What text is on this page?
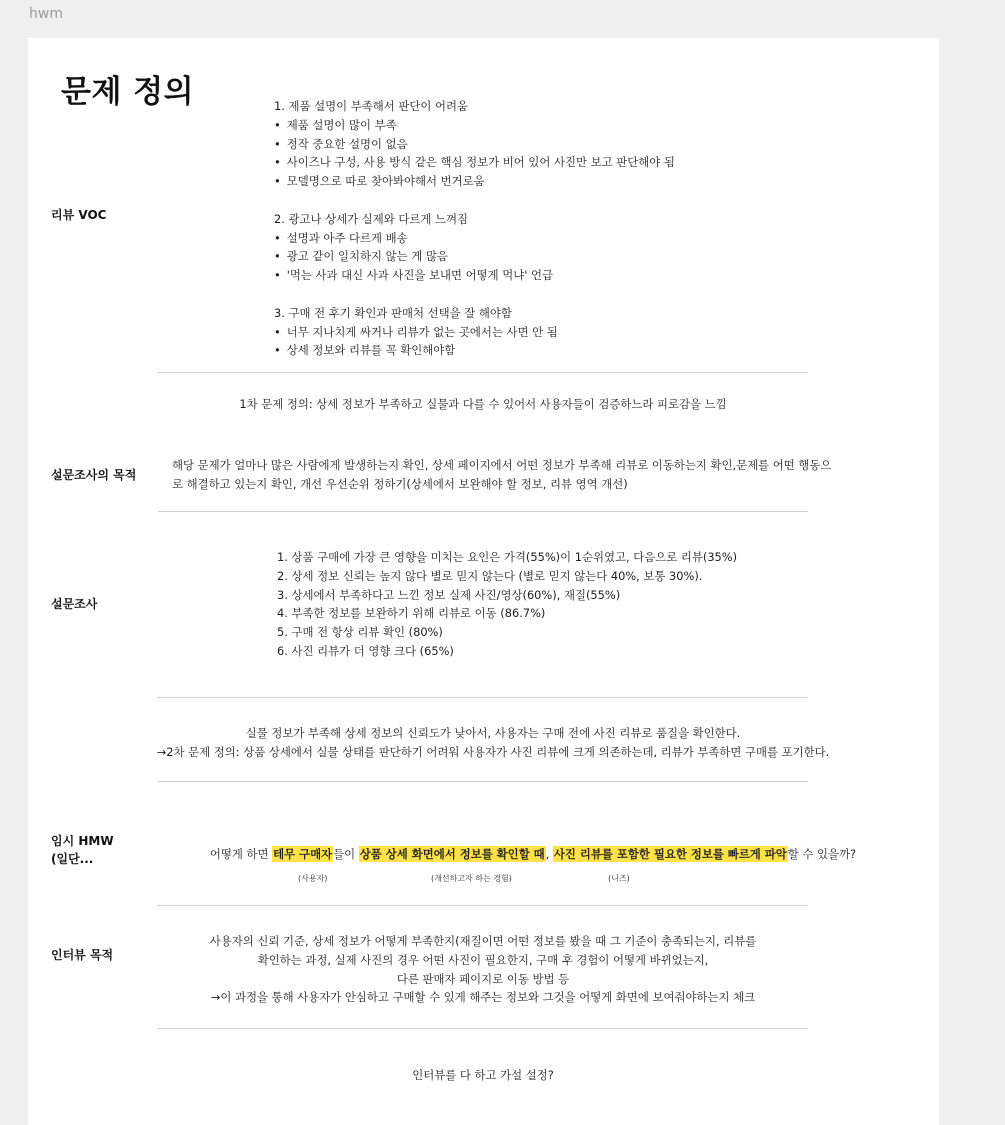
hwm
문제 정의
리뷰 VOC
1. 제품 설명이 부족해서 판단이 어려움
• 제품 설명이 많이 부족
• 정작 중요한 설명이 없음
• 사이즈나 구성, 사용 방식 같은 핵심 정보가 비어 있어 사진만 보고 판단해야 됨
• 모델명으로 따로 찾아봐야해서 번거로움
2. 광고나 상세가 실제와 다르게 느껴짐
• 설명과 아주 다르게 배송
• 광고 같이 일치하지 않는 게 많음
• '먹는 사과 대신 사과 사진을 보내면 어떻게 먹냐' 언급
3. 구매 전 후기 확인과 판매처 선택을 잘 해야함
• 너무 지나치게 싸거나 리뷰가 없는 곳에서는 사면 안 됨
• 상세 정보와 리뷰를 꼭 확인해야함
1차 문제 정의: 상세 정보가 부족하고 실물과 다를 수 있어서 사용자들이 검증하느라 피로감을 느낌
설문조사의 목적
해당 문제가 얼마나 많은 사람에게 발생하는지 확인, 상세 페이지에서 어떤 정보가 부족해 리뷰로 이동하는지 확인,문제를 어떤 행동으
로 해결하고 있는지 확인, 개선 우선순위 정하기(상세에서 보완해야 할 정보, 리뷰 영역 개선)
설문조사
1. 상품 구매에 가장 큰 영향을 미치는 요인은 가격(55%)이 1순위였고, 다음으로 리뷰(35%)
2. 상세 정보 신뢰는 높지 않다 별로 믿지 않는다 (별로 믿지 않는다 40%, 보통 30%).
3. 상세에서 부족하다고 느낀 정보 실제 사진/영상(60%), 재질(55%)
4. 부족한 정보를 보완하기 위해 리뷰로 이동 (86.7%)
5. 구매 전 항상 리뷰 확인 (80%)
6. 사진 리뷰가 더 영향 크다 (65%)
실물 정보가 부족해 상세 정보의 신뢰도가 낮아서, 사용자는 구매 전에 사진 리뷰로 품질을 확인한다.
→2차 문제 정의: 상품 상세에서 실물 상태를 판단하기 어려워 사용자가 사진 리뷰에 크게 의존하는데, 리뷰가 부족하면 구매를 포기한다.
임시 HMW
(일단...	어떻게 하면 테무 구매자들이 상품 상세 화면에서 정보를 확인할 때, 사진 리뷰를 포함한 필요한 정보를 빠르게 파악할 수 있을까?
(사용자)	(개선하고자 하는 경험)	(니즈)
인터뷰 목적
사용자의 신뢰 기준, 상세 정보가 어떻게 부족한지(재질이면 어떤 정보를 봤을 때 그 기준이 충족되는지, 리뷰를
확인하는 과정, 실제 사진의 경우 어떤 사진이 필요한지, 구매 후 경험이 어떻게 바뀌었는지,
다른 판매자 페이지로 이동 방법 등
→이 과정을 통해 사용자가 안심하고 구매할 수 있게 해주는 정보와 그것을 어떻게 화면에 보여줘야하는지 체크
인터뷰를 다 하고 가설 설정?
